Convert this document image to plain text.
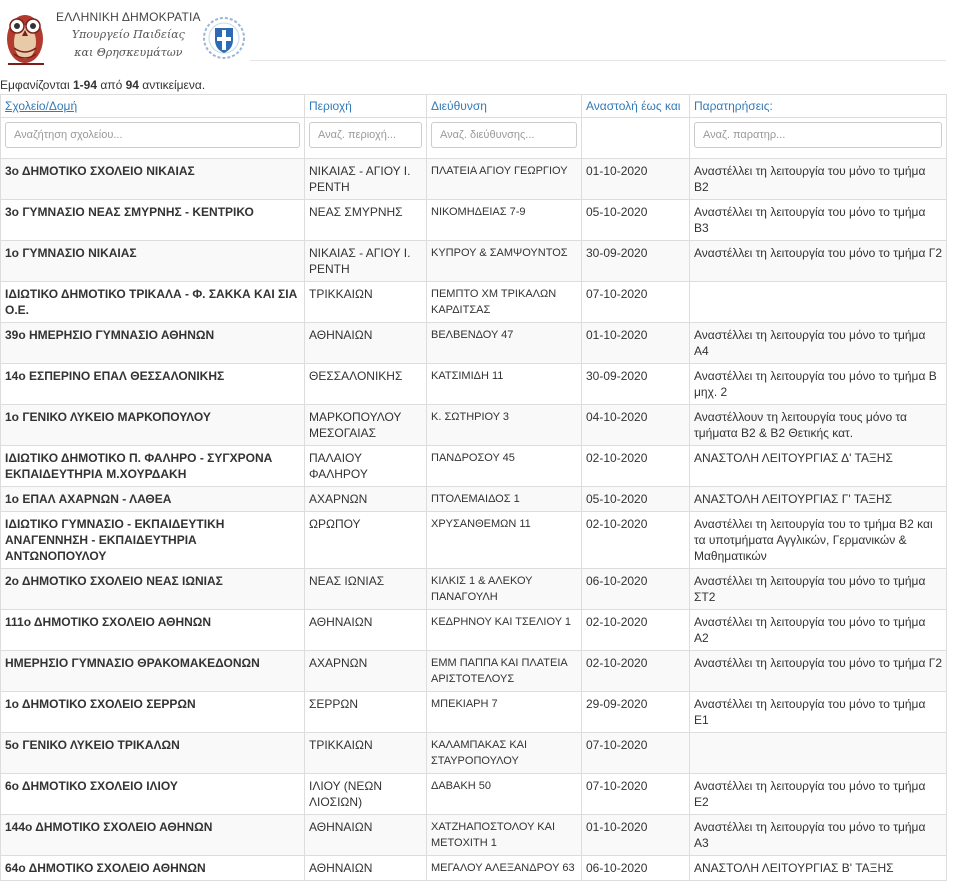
ΕΛΛΗΝΙΚΗ ΔΗΜΟΚΡΑΤΙΑ
Υπουργείο Παιδείας
και Θρησκευμάτων
Εμφανίζονται 1-94 από 94 αντικείμενα.
Σχολείο/Δομή	Περιοχή	Διεύθυνση	Αναστολή έως και	Παρατηρήσεις:
Αναζήτηση σχολείου...	Αναζ. περιοχή...	Αναζ. διεύθυνσης...		Αναζ. παρατηρ...
3ο ΔΗΜΟΤΙΚΟ ΣΧΟΛΕΙΟ ΝΙΚΑΙΑΣ	ΝΙΚΑΙΑΣ - ΑΓΙΟΥ Ι. ΡΕΝΤΗ	ΠΛΑΤΕΙΑ ΑΓΙΟΥ ΓΕΩΡΓΙΟΥ	01-10-2020	Αναστέλλει τη λειτουργία του μόνο το τμήμα Β2
3ο ΓΥΜΝΑΣΙΟ ΝΕΑΣ ΣΜΥΡΝΗΣ - ΚΕΝΤΡΙΚΟ	ΝΕΑΣ ΣΜΥΡΝΗΣ	ΝΙΚΟΜΗΔΕΙΑΣ 7-9	05-10-2020	Αναστέλλει τη λειτουργία του μόνο το τμήμα Β3
1ο ΓΥΜΝΑΣΙΟ ΝΙΚΑΙΑΣ	ΝΙΚΑΙΑΣ - ΑΓΙΟΥ Ι. ΡΕΝΤΗ	ΚΥΠΡΟΥ & ΣΑΜΨΟΥΝΤΟΣ	30-09-2020	Αναστέλλει τη λειτουργία του μόνο το τμήμα Γ2
ΙΔΙΩΤΙΚΟ ΔΗΜΟΤΙΚΟ ΤΡΙΚΑΛΑ - Φ. ΣΑΚΚΑ ΚΑΙ ΣΙΑ Ο.Ε.	ΤΡΙΚΚΑΙΩΝ	ΠΕΜΠΤΟ ΧΜ ΤΡΙΚΑΛΩΝ ΚΑΡΔΙΤΣΑΣ	07-10-2020	
39ο ΗΜΕΡΗΣΙΟ ΓΥΜΝΑΣΙΟ ΑΘΗΝΩΝ	ΑΘΗΝΑΙΩΝ	ΒΕΛΒΕΝΔΟΥ 47	01-10-2020	Αναστέλλει τη λειτουργία του μόνο το τμήμα Α4
14ο ΕΣΠΕΡΙΝΟ ΕΠΑΛ ΘΕΣΣΑΛΟΝΙΚΗΣ	ΘΕΣΣΑΛΟΝΙΚΗΣ	ΚΑΤΣΙΜΙΔΗ 11	30-09-2020	Αναστέλλει τη λειτουργία του μόνο το τμήμα Β μηχ. 2
1ο ΓΕΝΙΚΟ ΛΥΚΕΙΟ ΜΑΡΚΟΠΟΥΛΟΥ	ΜΑΡΚΟΠΟΥΛΟΥ ΜΕΣΟΓΑΙΑΣ	Κ. ΣΩΤΗΡΙΟΥ 3	04-10-2020	Αναστέλλουν τη λειτουργία τους μόνο τα τμήματα Β2 & Β2 Θετικής κατ.
ΙΔΙΩΤΙΚΟ ΔΗΜΟΤΙΚΟ Π. ΦΑΛΗΡΟ - ΣΥΓΧΡΟΝΑ ΕΚΠΑΙΔΕΥΤΗΡΙΑ Μ.ΧΟΥΡΔΑΚΗ	ΠΑΛΑΙΟΥ ΦΑΛΗΡΟΥ	ΠΑΝΔΡΟΣΟΥ 45	02-10-2020	ΑΝΑΣΤΟΛΗ ΛΕΙΤΟΥΡΓΙΑΣ Δ' ΤΑΞΗΣ
1ο ΕΠΑΛ ΑΧΑΡΝΩΝ - ΛΑΘΕΑ	ΑΧΑΡΝΩΝ	ΠΤΟΛΕΜΑΙΔΟΣ 1	05-10-2020	ΑΝΑΣΤΟΛΗ ΛΕΙΤΟΥΡΓΙΑΣ Γ' ΤΑΞΗΣ
ΙΔΙΩΤΙΚΟ ΓΥΜΝΑΣΙΟ - ΕΚΠΑΙΔΕΥΤΙΚΗ ΑΝΑΓΕΝΝΗΣΗ - ΕΚΠΑΙΔΕΥΤΗΡΙΑ ΑΝΤΩΝΟΠΟΥΛΟΥ	ΩΡΩΠΟΥ	ΧΡΥΣΑΝΘΕΜΩΝ 11	02-10-2020	Αναστέλλει τη λειτουργία του το τμήμα Β2 και τα υποτμήματα Αγγλικών, Γερμανικών & Μαθηματικών
2ο ΔΗΜΟΤΙΚΟ ΣΧΟΛΕΙΟ ΝΕΑΣ ΙΩΝΙΑΣ	ΝΕΑΣ ΙΩΝΙΑΣ	ΚΙΛΚΙΣ 1 & ΑΛΕΚΟΥ ΠΑΝΑΓΟΥΛΗ	06-10-2020	Αναστέλλει τη λειτουργία του μόνο το τμήμα ΣΤ2
111ο ΔΗΜΟΤΙΚΟ ΣΧΟΛΕΙΟ ΑΘΗΝΩΝ	ΑΘΗΝΑΙΩΝ	ΚΕΔΡΗΝΟΥ ΚΑΙ ΤΣΕΛΙΟΥ 1	02-10-2020	Αναστέλλει τη λειτουργία του μόνο το τμήμα Α2
ΗΜΕΡΗΣΙΟ ΓΥΜΝΑΣΙΟ ΘΡΑΚΟΜΑΚΕΔΟΝΩΝ	ΑΧΑΡΝΩΝ	ΕΜΜ ΠΑΠΠΑ ΚΑΙ ΠΛΑΤΕΙΑ ΑΡΙΣΤΟΤΕΛΟΥΣ	02-10-2020	Αναστέλλει τη λειτουργία του μόνο το τμήμα Γ2
1ο ΔΗΜΟΤΙΚΟ ΣΧΟΛΕΙΟ ΣΕΡΡΩΝ	ΣΕΡΡΩΝ	ΜΠΕΚΙΑΡΗ 7	29-09-2020	Αναστέλλει τη λειτουργία του μόνο το τμήμα Ε1
5ο ΓΕΝΙΚΟ ΛΥΚΕΙΟ ΤΡΙΚΑΛΩΝ	ΤΡΙΚΚΑΙΩΝ	ΚΑΛΑΜΠΑΚΑΣ ΚΑΙ ΣΤΑΥΡΟΠΟΥΛΟΥ	07-10-2020	
6ο ΔΗΜΟΤΙΚΟ ΣΧΟΛΕΙΟ ΙΛΙΟΥ	ΙΛΙΟΥ (ΝΕΩΝ ΛΙΟΣΙΩΝ)	ΔΑΒΑΚΗ 50	07-10-2020	Αναστέλλει τη λειτουργία του μόνο το τμήμα Ε2
144ο ΔΗΜΟΤΙΚΟ ΣΧΟΛΕΙΟ ΑΘΗΝΩΝ	ΑΘΗΝΑΙΩΝ	ΧΑΤΖΗΑΠΟΣΤΟΛΟΥ ΚΑΙ ΜΕΤΟΧΙΤΗ 1	01-10-2020	Αναστέλλει τη λειτουργία του μόνο το τμήμα Α3
64ο ΔΗΜΟΤΙΚΟ ΣΧΟΛΕΙΟ ΑΘΗΝΩΝ	ΑΘΗΝΑΙΩΝ	ΜΕΓΑΛΟΥ ΑΛΕΞΑΝΔΡΟΥ 63	06-10-2020	ΑΝΑΣΤΟΛΗ ΛΕΙΤΟΥΡΓΙΑΣ Β' ΤΑΞΗΣ
